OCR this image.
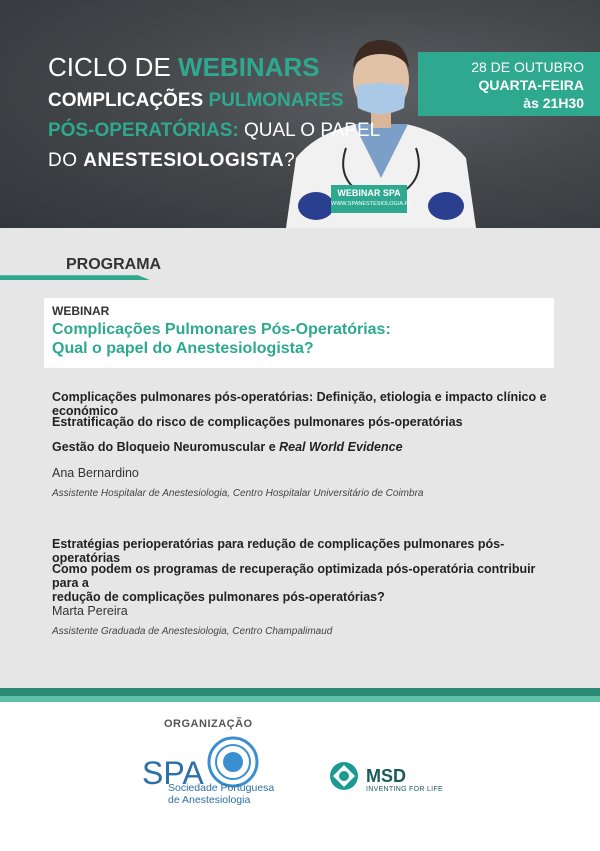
CICLO DE WEBINARS
COMPLICAÇÕES PULMONARES
PÓS-OPERATÓRIAS: QUAL O PAPEL
DO ANESTESIOLOGISTA?
28 DE OUTUBRO
QUARTA-FEIRA
às 21H30
WEBINAR SPA
WWW.SPANESTESIOLOGIA.PT
PROGRAMA
WEBINAR
Complicações Pulmonares Pós-Operatórias:
Qual o papel do Anestesiologista?
Complicações pulmonares pós-operatórias: Definição, etiologia e impacto clínico e económico
Estratificação do risco de complicações pulmonares pós-operatórias
Gestão do Bloqueio Neuromuscular e Real World Evidence
Ana Bernardino
Assistente Hospitalar de Anestesiologia, Centro Hospitalar Universitário de Coimbra
Estratégias perioperatórias para redução de complicações pulmonares pós-operatórias
Como podem os programas de recuperação optimizada pós-operatória contribuir para a
redução de complicações pulmonares pós-operatórias?
Marta Pereira
Assistente Graduada de Anestesiologia, Centro Champalimaud
ORGANIZAÇÃO
SPA
Sociedade Portuguesa
de Anestesiologia
MSD
INVENTING FOR LIFE
